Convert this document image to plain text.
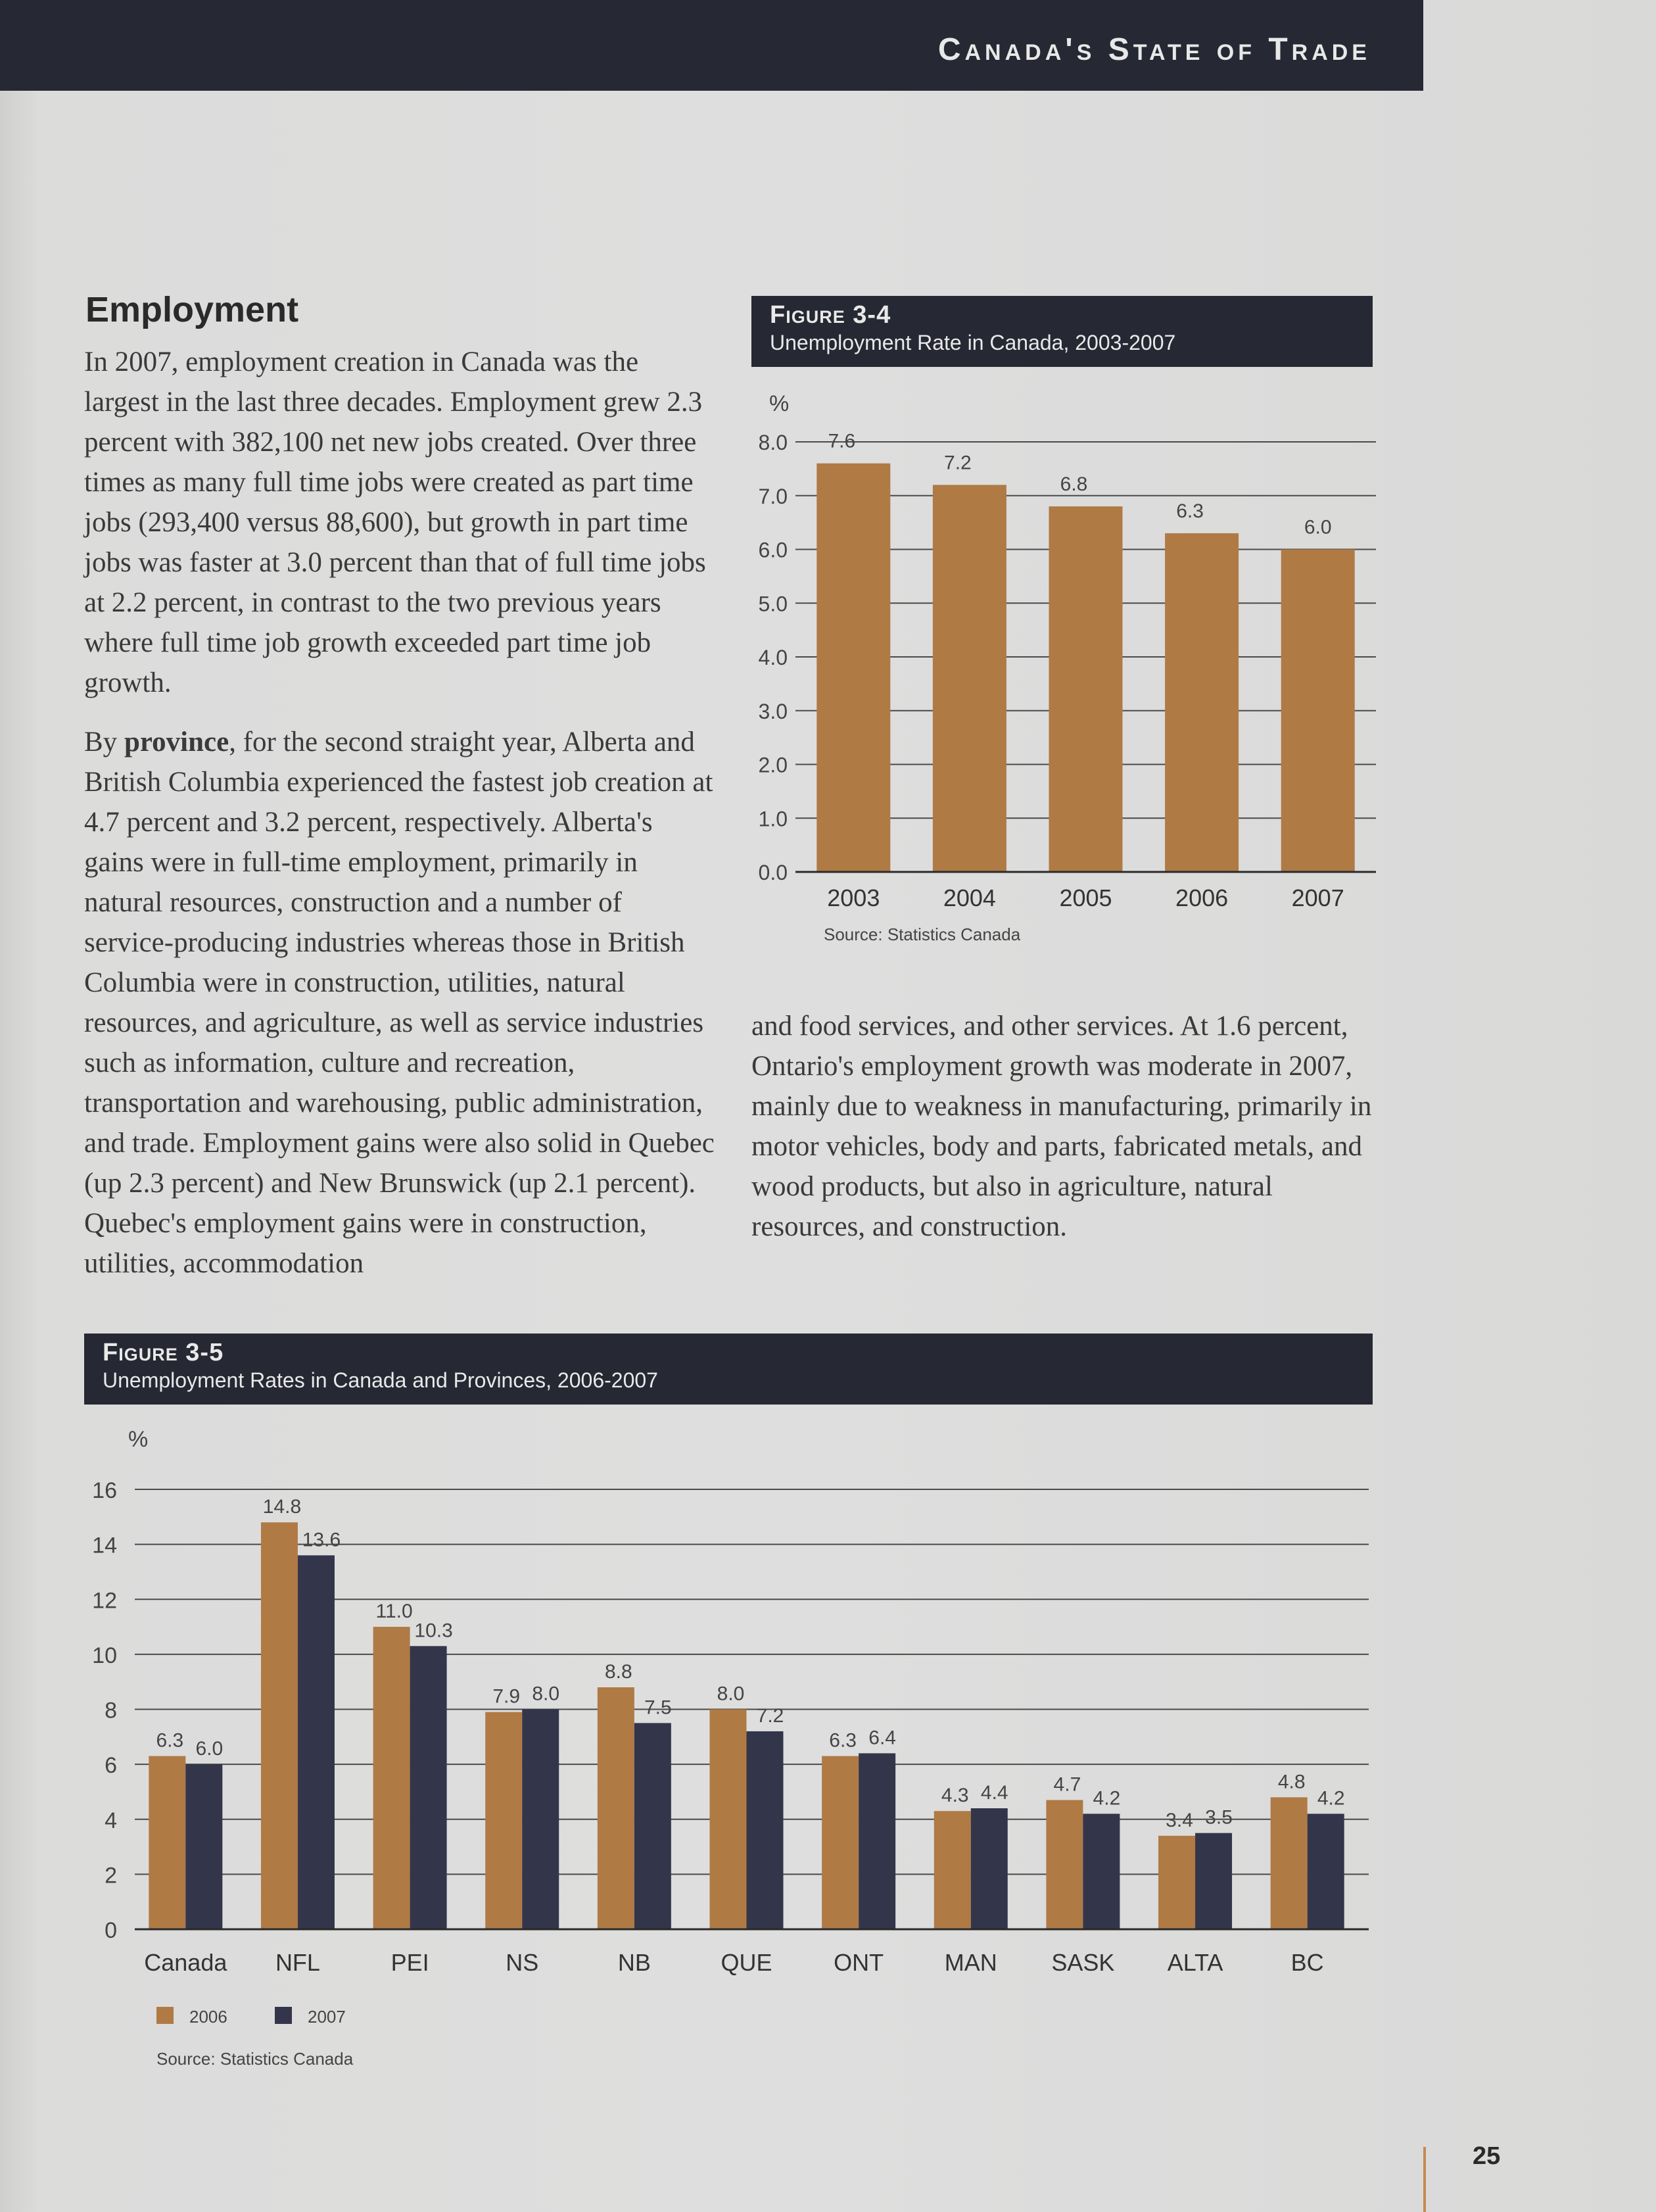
Canada's State of Trade
Employment

In 2007, employment creation in Canada was the largest in the last three decades. Employment grew 2.3 percent with 382,100 net new jobs created. Over three times as many full time jobs were created as part time jobs (293,400 versus 88,600), but growth in part time jobs was faster at 3.0 percent than that of full time jobs at 2.2 percent, in contrast to the two previous years where full time job growth exceeded part time job growth.

By province, for the second straight year, Alberta and British Columbia experienced the fastest job creation at 4.7 percent and 3.2 percent, respectively. Alberta's gains were in full-time employment, primarily in natural resources, construction and a number of service-producing industries whereas those in British Columbia were in construction, utilities, natural resources, and agriculture, as well as service industries such as information, culture and recreation, transportation and warehousing, public administration, and trade. Employment gains were also solid in Quebec (up 2.3 percent) and New Brunswick (up 2.1 percent). Quebec's employment gains were in construction, utilities, accommodation

and food services, and other services. At 1.6 percent, Ontario's employment growth was moderate in 2007, mainly due to weakness in manufacturing, primarily in motor vehicles, body and parts, fabricated metals, and wood products, but also in agriculture, natural resources, and construction.

Figure 3-4
Unemployment Rate in Canada, 2003-2007
Figure 3-5
Unemployment Rates in Canada and Provinces, 2006-2007
%
0.0
1.0
2.0
3.0
4.0
5.0
6.0
7.0
8.0 7.6
2003
7.2
2004
6.8
2005
6.3
2006
6.0
2007
Source: Statistics Canada
%
0
2
4
6
8
10
12
14
16
6.3 6.0
Canada
14.8
13.6
NFL
11.0
10.3
PEI
7.9 8.0
NS
8.8
7.5
NB
8.0
7.2
QUE
6.3 6.4
ONT
4.3 4.4
MAN
4.7
4.2
SASK
3.4 3.5
ALTA
4.8
4.2
BC
2006	2007
Source: Statistics Canada
25
